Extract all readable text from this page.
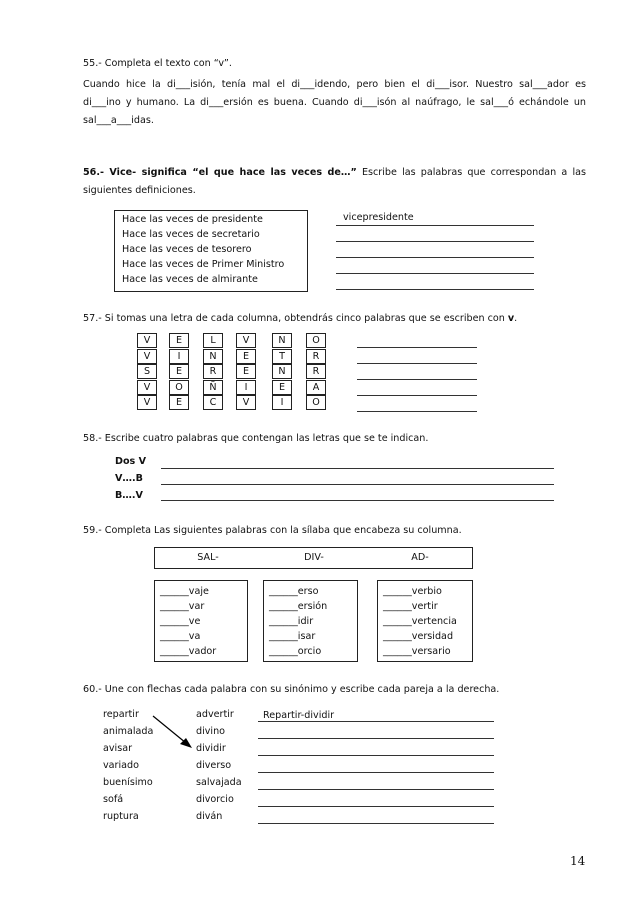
55.- Completa el texto con “v”.
Cuando hice la di___isión, tenía mal el di___idendo, pero bien el di___isor. Nuestro sal___ador es
di___ino y humano. La di___ersión es buena. Cuando di___isón al naúfrago, le sal___ó echándole un
sal___a___idas.
56.- Vice- significa “el que hace las veces de…” Escribe las palabras que correspondan a las
siguientes definiciones.
Hace las veces de presidente
Hace las veces de secretario
Hace las veces de tesorero
Hace las veces de Primer Ministro
Hace las veces de almirante
vicepresidente
57.- Si tomas una letra de cada columna, obtendrás cinco palabras que se escriben con v.
V	E	L	V	N	O
V	I	N	E	T	R
S	E	R	E	N	R
V	O	Ñ	I	E	A
V	E	C	V	I	O
58.- Escribe cuatro palabras que contengan las letras que se te indican.
Dos V
V….B
B….V
59.- Completa Las siguientes palabras con la sílaba que encabeza su columna.
SAL-	DIV-	AD-
______vaje
______var
______ve
______va
______vador
______erso
______ersión
______idir
______isar
______orcio
______verbio
______vertir
______vertencia
______versidad
______versario
60.- Une con flechas cada palabra con su sinónimo y escribe cada pareja a la derecha.
repartir
animalada
avisar
variado
buenísimo
sofá
ruptura
advertir
divino
dividir
diverso
salvajada
divorcio
diván
Repartir-dividir
14
